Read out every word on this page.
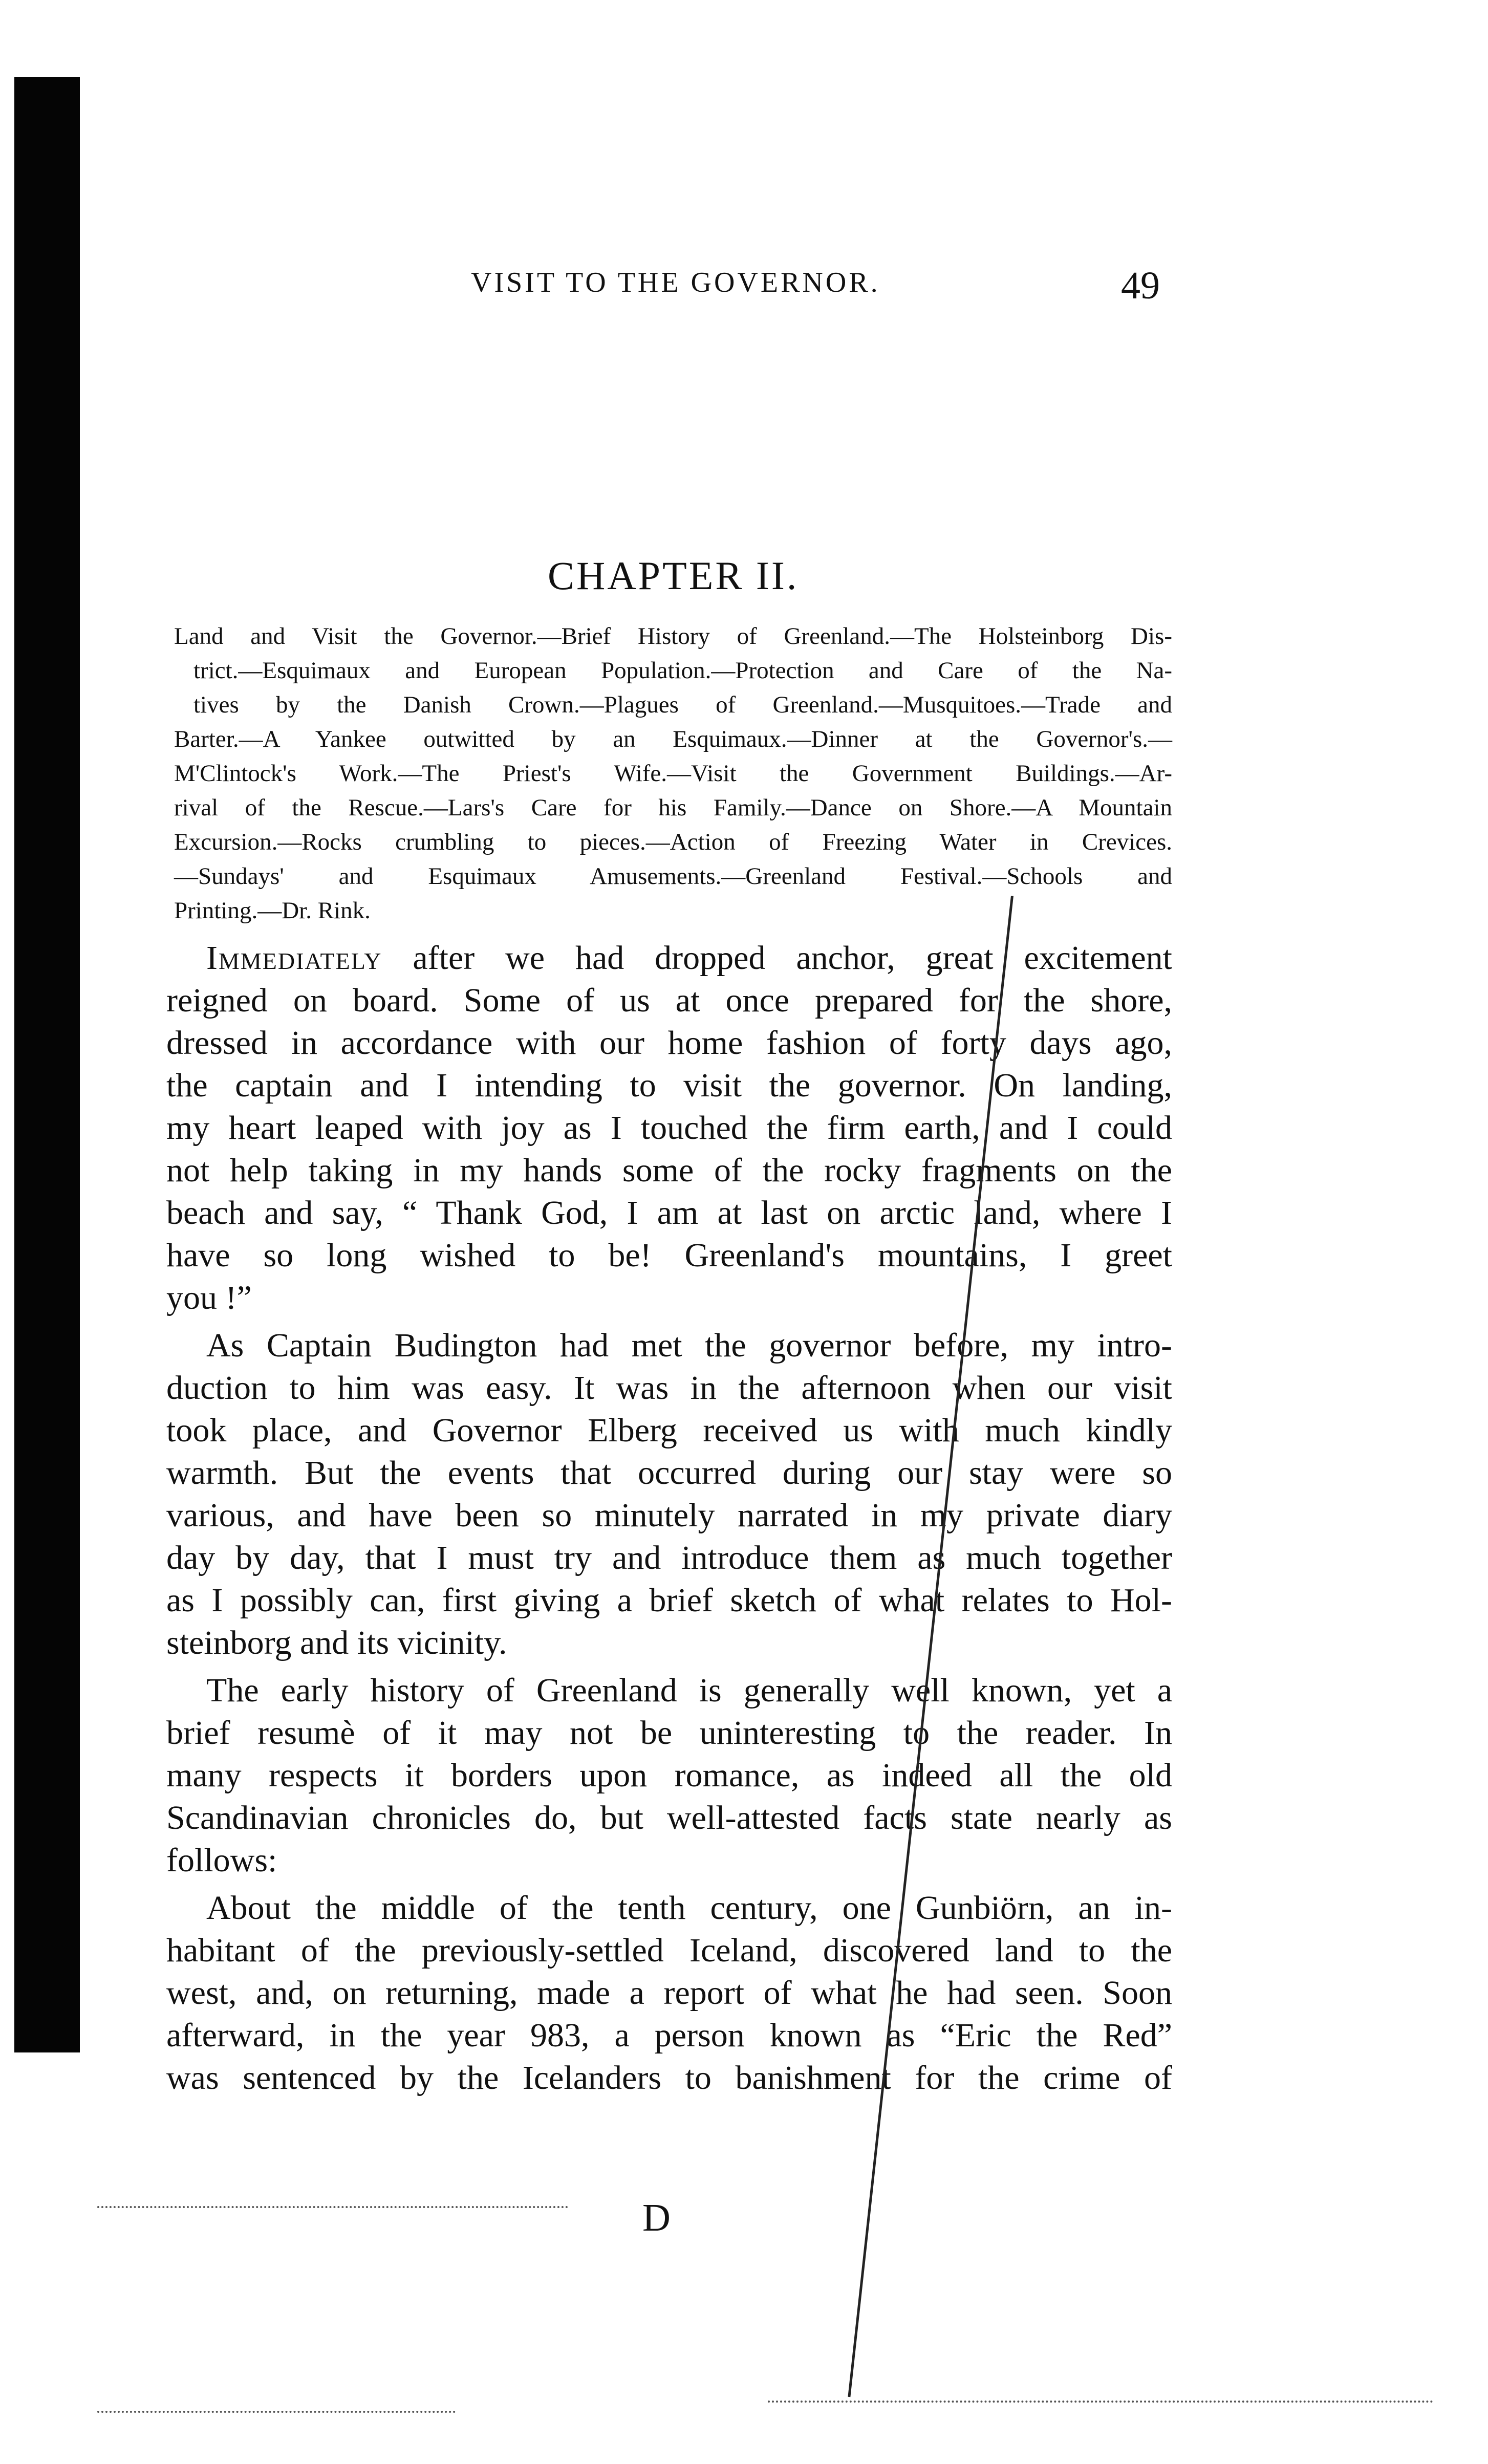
VISIT TO THE GOVERNOR.	49
CHAPTER II.
Land and Visit the Governor.—Brief History of Greenland.—The Holsteinborg Dis-
trict.—Esquimaux and European Population.—Protection and Care of the Na-
tives by the Danish Crown.—Plagues of Greenland.—Musquitoes.—Trade and
Barter.—A Yankee outwitted by an Esquimaux.—Dinner at the Governor's.—
M'Clintock's Work.—The Priest's Wife.—Visit the Government Buildings.—Ar-
rival of the Rescue.—Lars's Care for his Family.—Dance on Shore.—A Mountain
Excursion.—Rocks crumbling to pieces.—Action of Freezing Water in Crevices.
—Sundays' and Esquimaux Amusements.—Greenland Festival.—Schools and
Printing.—Dr. Rink.

Immediately after we had dropped anchor, great excitement
reigned on board. Some of us at once prepared for the shore,
dressed in accordance with our home fashion of forty days ago,
the captain and I intending to visit the governor. On landing,
my heart leaped with joy as I touched the firm earth, and I could
not help taking in my hands some of the rocky fragments on the
beach and say, “ Thank God, I am at last on arctic land, where I
have so long wished to be! Greenland's mountains, I greet
you !”

As Captain Budington had met the governor before, my intro-
duction to him was easy. It was in the afternoon when our visit
took place, and Governor Elberg received us with much kindly
warmth. But the events that occurred during our stay were so
various, and have been so minutely narrated in my private diary
day by day, that I must try and introduce them as much together
as I possibly can, first giving a brief sketch of what relates to Hol-
steinborg and its vicinity.

The early history of Greenland is generally well known, yet a
brief resumè of it may not be uninteresting to the reader. In
many respects it borders upon romance, as indeed all the old
Scandinavian chronicles do, but well-attested facts state nearly as
follows:

About the middle of the tenth century, one Gunbiörn, an in-
habitant of the previously-settled Iceland, discovered land to the
west, and, on returning, made a report of what he had seen. Soon
afterward, in the year 983, a person known as “Eric the Red”
was sentenced by the Icelanders to banishment for the crime of

D
